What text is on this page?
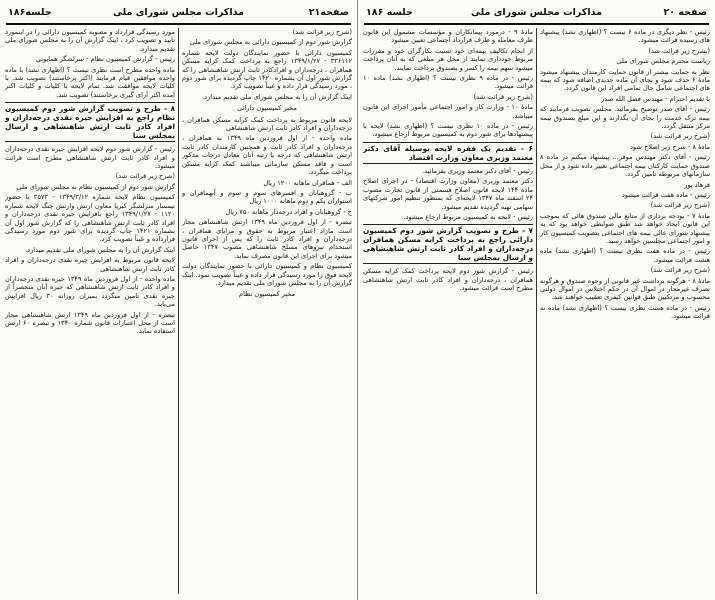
صفحه۲۱
مذاکرات مجلس شورای ملی
جلسه۱۸۶

(شرح زیر قرائت شد)

گزارش شور دوم از کمیسیون دارائی به مجلس شورای ملی

کمیسیون دارائی با حضور نمایندگان دولت لایحه شماره ۳۳۶۱۱۲ - ۱۳۴۹/۱/۲۷ راجع به پرداخت کمک کرایه مسکن همافران ، درجه‌داران و افرادکادر ثابت ارتش شاهنشاهی را که گزارش شور اول آن بشماره ۱۴۲۰ چاپ گردیده برای شور دوم ، مورد رسیدگی قرار داده و عیناً تصویب کرد.

اینک گزارش آن را به مجلس شورای ملی تقدیم میدارد.

مخبر کمیسیون دارائی

لایحه قانون مربوط به پرداخت کمک کرایه مسکن همافران ، درجه‌داران و افراد کادر ثابت ارتش شاهنشاهی

ماده واحده - از اول فروردین ماه ۱۳۴۹ به همافران ، درجه‌داران و افراد کادر ثابت و همچنین کارمندان کادر ثابت ارتش شاهنشاهی که درجه یا رتبه آنان معادل درجات مذکور است و فاقد مسکن سازمانی میباشند کمک کرایه مسکن پرداخت میگردد.

الف - همافران ماهانه ۱۲۰۰ ریال

ب - گروهبانان و افسرهای سوم و سوم و آبهمافران و استواران یکم و دوم ماهانه ۱۰۰۰ ریال

ج - گروهبانان و افراد درجه‌دار ماهانه ۷۵۰ ریال

تبصره - از اول فروردین ماه ۱۳۴۹ ارتش شاهنشاهی مجاز است مازاد اعتبار مربوط به حقوق و مزایای همافران ، درجه‌داران و افراد کادر ثابت را که پس از اجرای قانون استخدام نیروهای مسلح شاهنشاهی مصوب ۱۳۴۷ حاصل میشود برای اجرای این قانون مصرف نماید.

کمیسیون نظام و کمیسیون دارائی با حضور نمایندگان دولت لایحه فوق را مورد رسیدگی قرار داده و عیناً تصویب نمود. اینک گزارش آن را به مجلس شورای ملی تقدیم میدارد.

مخبر کمیسیون نظام

مورد رسیدگی قرارداد و مصوبه کمیسیون دارائی را در اینمورد تایید و تصویب کرد ، اینک گزارش آن را به مجلس شورای ملی تقدیم میدارد.

رئیس - گزارش کمیسیون نظام - سرلشگر همایونی

ماده واحده مطرح است نظری نیست ؟ (اظهاری نشد) با ماده واحده موافقین قیام فرمایند (اکثر برخاستند) تصویب شد. با کلیات لایحه موافقت شد. تمام لایحه با کلیات و کلیات اکثر آمده اکثر آرای گیری برخاستند) تصویب شد.

۸ - طرح و تصویب گزارش شور دوم کمیسیون نظام راجع به افزایش جیره نقدی درجه‌داران و افراد کادر ثابت ارتش شاهنشاهی و ارسال بمجلس سنا

رئیس - گزارش شور دوم لایحه افزایش جیره نقدی درجه‌داران و افراد کادر ثابت ارتش شاهنشاهی مطرح است قرائت میشود.

(شرح زیر قرائت شد)

گزارش شور دوم از کمیسیون نظام به مجلس شورای ملی

کمیسیون نظام لایحه شماره ۱۳۴۹/۳/۱۲ - ۳۵۷۳ با حضور تیمسار سرلشگر کبریا معاون ارتش وارتش جنگ لایحه شماره ۱۱۲۰ - ۱۳۴۹/۱/۲۷ راجع بافزایش جیره نقدی درجه‌داران و افراد کادر ثابت ارتش شاهنشاهی را که گزارش شور اول آن بشماره ۱۴۲۱ چاپ گردیده برای شور دوم مورد رسیدگی قرارداده و عیناً تصویب کرد.

اینک گزارش آن را به مجلس شورای ملی تقدیم میدارد.

لایحه قانون مربوط به افزایش جیره نقدی درجه‌داران و افراد کادر ثابت ارتش شاهنشاهی

ماده واحده - از اول فروردین ماه ۱۳۴۹ جیره نقدی درجه‌داران و افراد کادر ثابت ارتش شاهنشاهی که جیره آنان منحصراً از جیره نقدی تامین میگردد بمیزان روزانه ۳۰ ریال افزایش می‌یابد.

تبصره - از اول فروردین ماه ۱۳۴۹ ارتش شاهنشاهی مجاز است از محل اعتبارات قانون شماره ۱۳۴۰ و تبصره ۶۰ ارتش استفاده نماید.

صفحه ۲۰
مذاکرات مجلس شورای ملی
جلسه ۱۸۶

رئیس - نظر دیگری در ماده ۶ نیست ؟ (اظهاری نشد) پیشنهاد های رسیده قرائت میشود.

(بشرح زیر قرائت شد)

ریاست محترم مجلس شورای ملی

نظر به حمایت بیشتر از قانون حمایت کارمندان پیشنهاد میشود مادهٔ ۶ حذف شود و بجای آن ماده جدیدی اضافه شود که بیمه های اجتماعی شامل حال تمامی افراد این قانون گردد.

با تقدیم احترام - مهندس فضل الله صدر

رئیس - آقای صدر توضیح بفرمائید. مجلس تصویب فرمایند که بیمه ترک خدمت را بجای آن بگذارند و این مبلغ بصندوق بیمه مرکز منتقل گردد.

(شرح زیر قرائت شد)

مادهٔ ۸ - شرح زیر اصلاح شود

رئیس - آقای دکتر مهندس موقر... پیشنهاد میکنم در ماده ۸ صندوق حمایت کارکنان بیمه اجتماعی تغییر داده شود و از محل سازمانهای مربوطه تامین گردد.

فرهاد پور

رئیس - ماده هفت قرائت میشود

(شرح زیر قرائت شد)

مادهٔ ۷ - بودجه برداری از منابع مالی صندوق هائی که بموجب این قانون ایجاد خواهد شد طبق ضوابطی خواهد بود که به پیشنهاد شورای عالی بیمه های اجتماعی بتصویب کمیسیون کار و امور اجتماعی مجلسین خواهد رسید.

رئیس - در ماده هفت نظری نیست ؟ (اظهاری نشد) ماده هشت قرائت میشود.

(شرح زیر قرائت شد)

مادهٔ ۸ - هرگونه برداشت غیر قانونی از وجوه صندوق و هرگونه تصرف غیرمجاز در اموال آن در حکم اختلاس در اموال دولتی محسوب و مرتکبین طبق قوانین کیفری تعقیب خواهند شد.

رئیس - در ماده هشت نظری نیست ؟ (اظهاری نشد) ماده نه قرائت میشود.

مادهٔ ۹ - درمورد پیمانکاران و مؤسسات مشمول این قانون طرف معامله و طرف قرارداد اجتماعی تعیین میشود

از انجام تکالیف بیمه‌ای خود نسبت بکارگران خود و مقررات مربوط خودداری نمایند از محل هر مبلغی که به آنان پرداخت میشود سهم بیمه را کسر و بصندوق پرداخت نمایند.

رئیس - در ماده ۹ نظری نیست ؟ (اظهاری نشد) ماده ۱۰ قرائت میشود.

(شرح زیر قرائت شد)

مادهٔ ۱۰ - وزارت کار و امور اجتماعی مأمور اجرای این قانون میباشد.

رئیس - در ماده ۱۰ نظری نیست ؟ (اظهاری نشد) لایحه با پیشنهادها برای شور دوم به کمیسیون مربوط ارجاع میشود.

۶ - تقدیم یک فقره لایحه بوسیله آقای دکتر معتمد وزیری معاون وزارت اقتصاد

رئیس - آقای دکتر معتمد وزیری بفرمائید.

دکتر معتمد وزیری (معاون وزارت اقتصاد) - در اجرای اصلاح ماده ۱۴۴ لایحه قانون اصلاح قسمتی از قانون تجارت مصوب ۲۴ اسفند ماه ۱۳۴۷ لایحه‌ای که بمنظور تنظیم امور شرکتهای سهامی تهیه گردیده تقدیم میشود.

رئیس - لایحه به کمیسیون مربوط ارجاع میشود.

۷ - طرح و تصویب گزارش شور دوم کمیسیون دارائی راجع به پرداخت کرایه مسکن همافران درجه‌داران و افراد کادر ثابت ارتش شاهنشاهی و ارسال بمجلس سنا

رئیس - گزارش شور دوم لایحه پرداخت کمک کرایه مسکن همافران ، درجه‌داران و افراد کادر ثابت ارتش شاهنشاهی مطرح است قرائت میشود.
